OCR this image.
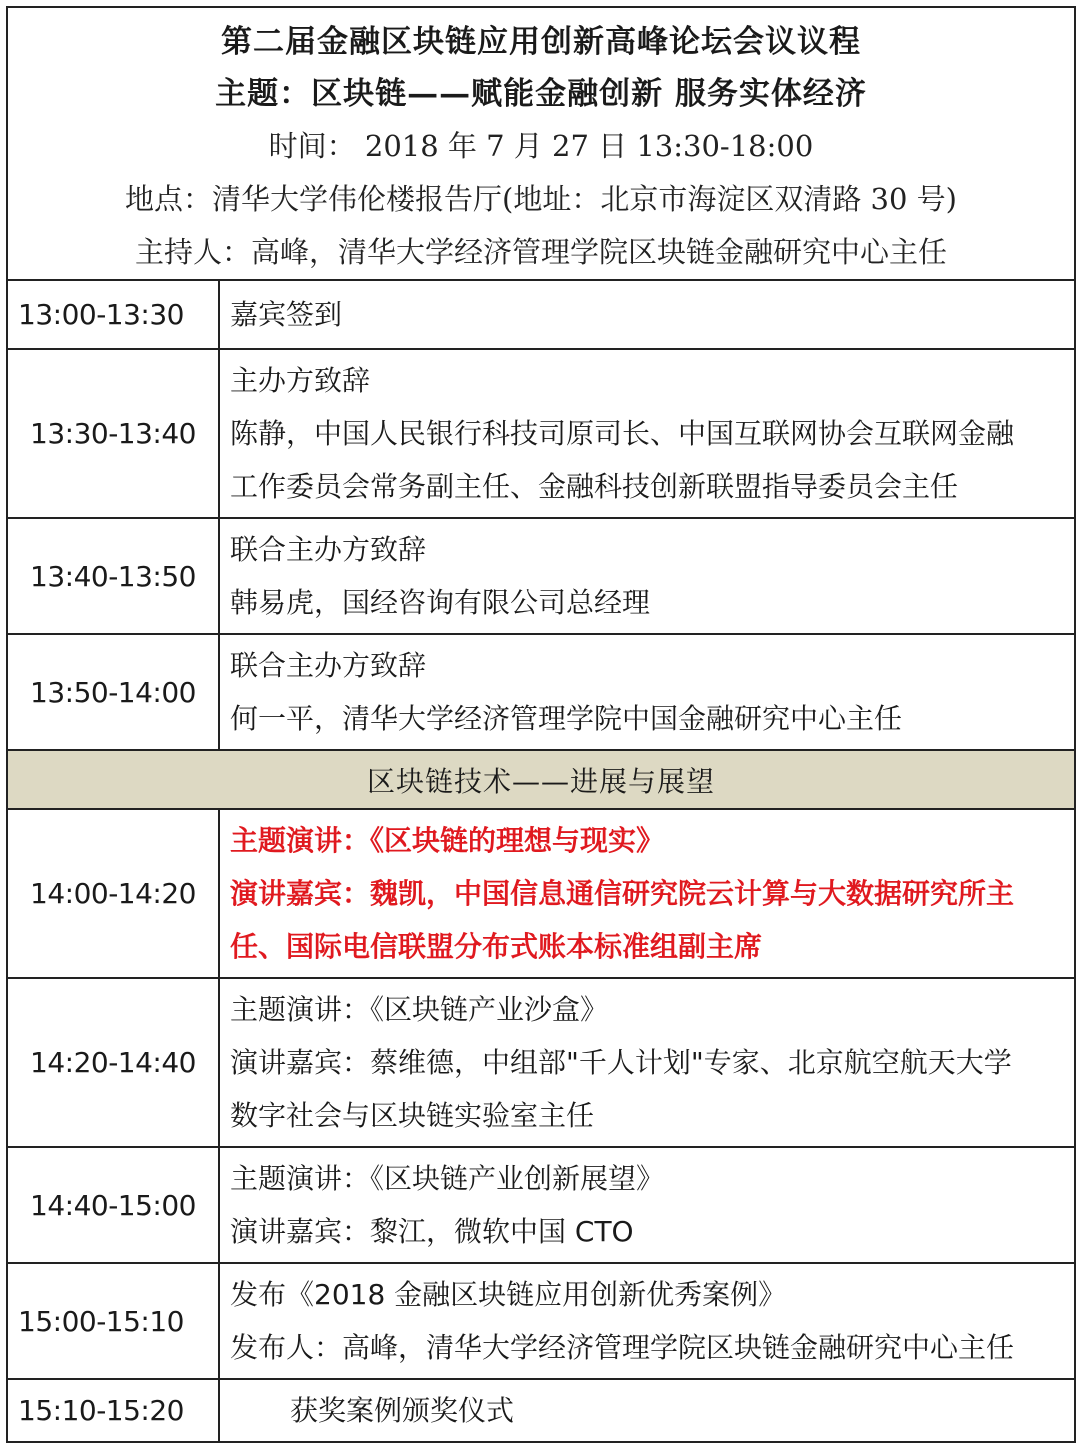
第二届金融区块链应用创新高峰论坛会议议程
主题：区块链——赋能金融创新 服务实体经济
时间： 2018 年 7 月 27 日 13:30-18:00
地点：清华大学伟伦楼报告厅(地址：北京市海淀区双清路 30 号)
主持人：高峰，清华大学经济管理学院区块链金融研究中心主任	

13:00-13:30	嘉宾签到

13:30-13:40	主办方致辞
陈静，中国人民银行科技司原司长、中国互联网协会互联网金融
工作委员会常务副主任、金融科技创新联盟指导委员会主任

13:40-13:50	联合主办方致辞
韩易虎，国经咨询有限公司总经理

13:50-14:00	联合主办方致辞
何一平，清华大学经济管理学院中国金融研究中心主任

区块链技术——进展与展望	
14:00-14:20	主题演讲：《区块链的理想与现实》
演讲嘉宾：魏凯，中国信息通信研究院云计算与大数据研究所主
任、国际电信联盟分布式账本标准组副主席

14:20-14:40	主题演讲：《区块链产业沙盒》
演讲嘉宾：蔡维德，中组部"千人计划"专家、北京航空航天大学
数字社会与区块链实验室主任

14:40-15:00	主题演讲：《区块链产业创新展望》
演讲嘉宾：黎江，微软中国 CTO

15:00-15:10	发布《2018 金融区块链应用创新优秀案例》
发布人：高峰，清华大学经济管理学院区块链金融研究中心主任

15:10-15:20	获奖案例颁奖仪式
